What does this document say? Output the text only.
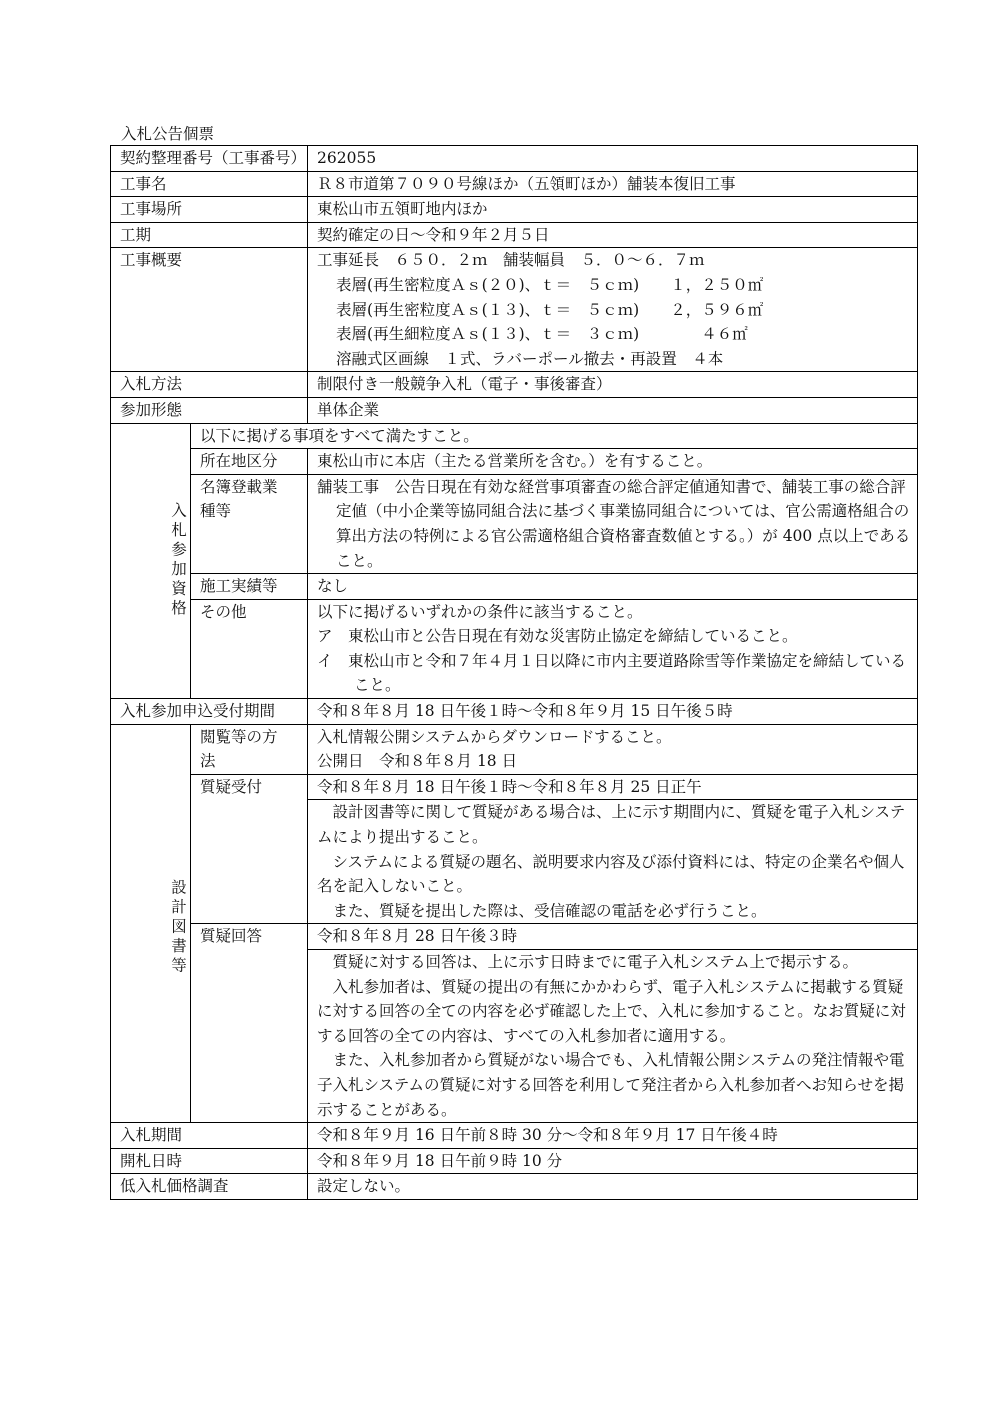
入札公告個票
契約整理番号（工事番号）		262055
工事名		Ｒ８市道第７０９０号線ほか（五領町ほか）舗装本復旧工事
工事場所		東松山市五領町地内ほか
工期		契約確定の日～令和９年２月５日
工事概要		工事延長　６５０．２ｍ　舗装幅員　５．０～６．７ｍ
表層(再生密粒度Ａｓ(２０)、ｔ＝　５ｃｍ)　　１，２５０㎡
表層(再生密粒度Ａｓ(１３)、ｔ＝　５ｃｍ)　　２，５９６㎡
表層(再生細粒度Ａｓ(１３)、ｔ＝　３ｃｍ)　　　　４６㎡
溶融式区画線　１式、ラバーポール撤去・再設置　４本

入札方法		制限付き一般競争入札（電子・事後審査）
参加形態		単体企業
入札参加資格	以下に掲げる事項をすべて満たすこと。	
	所在地区分	東松山市に本店（主たる営業所を含む。）を有すること。

	名簿登載業
種等	舗装工事　公告日現在有効な経営事項審査の総合評定値通知書で、舗装工事の総合評定値（中小企業等協同組合法に基づく事業協同組合については、官公需適格組合の算出方法の特例による官公需適格組合資格審査数値とする。）が 400 点以上であること。

	施工実績等	なし
	その他	以下に掲げるいずれかの条件に該当すること。
ア　東松山市と公告日現在有効な災害防止協定を締結していること。
イ　東松山市と令和７年４月１日以降に市内主要道路除雪等作業協定を締結していること。

入札参加申込受付期間		令和８年８月 18 日午後１時～令和８年９月 15 日午後５時
設計図書等	閲覧等の方
法	入札情報公開システムからダウンロードすること。
公開日　令和８年８月 18 日

	質疑受付	令和８年８月 18 日午後１時～令和８年８月 25 日正午

		設計図書等に関して質疑がある場合は、上に示す期間内に、質疑を電子入札システムにより提出すること。
システムによる質疑の題名、説明要求内容及び添付資料には、特定の企業名や個人名を記入しないこと。
また、質疑を提出した際は、受信確認の電話を必ず行うこと。

	質疑回答	令和８年８月 28 日午後３時

		質疑に対する回答は、上に示す日時までに電子入札システム上で掲示する。
入札参加者は、質疑の提出の有無にかかわらず、電子入札システムに掲載する質疑に対する回答の全ての内容を必ず確認した上で、入札に参加すること。なお質疑に対する回答の全ての内容は、すべての入札参加者に適用する。
また、入札参加者から質疑がない場合でも、入札情報公開システムの発注情報や電子入札システムの質疑に対する回答を利用して発注者から入札参加者へお知らせを掲示することがある。

入札期間		令和８年９月 16 日午前８時 30 分～令和８年９月 17 日午後４時
開札日時		令和８年９月 18 日午前９時 10 分
低入札価格調査		設定しない。
